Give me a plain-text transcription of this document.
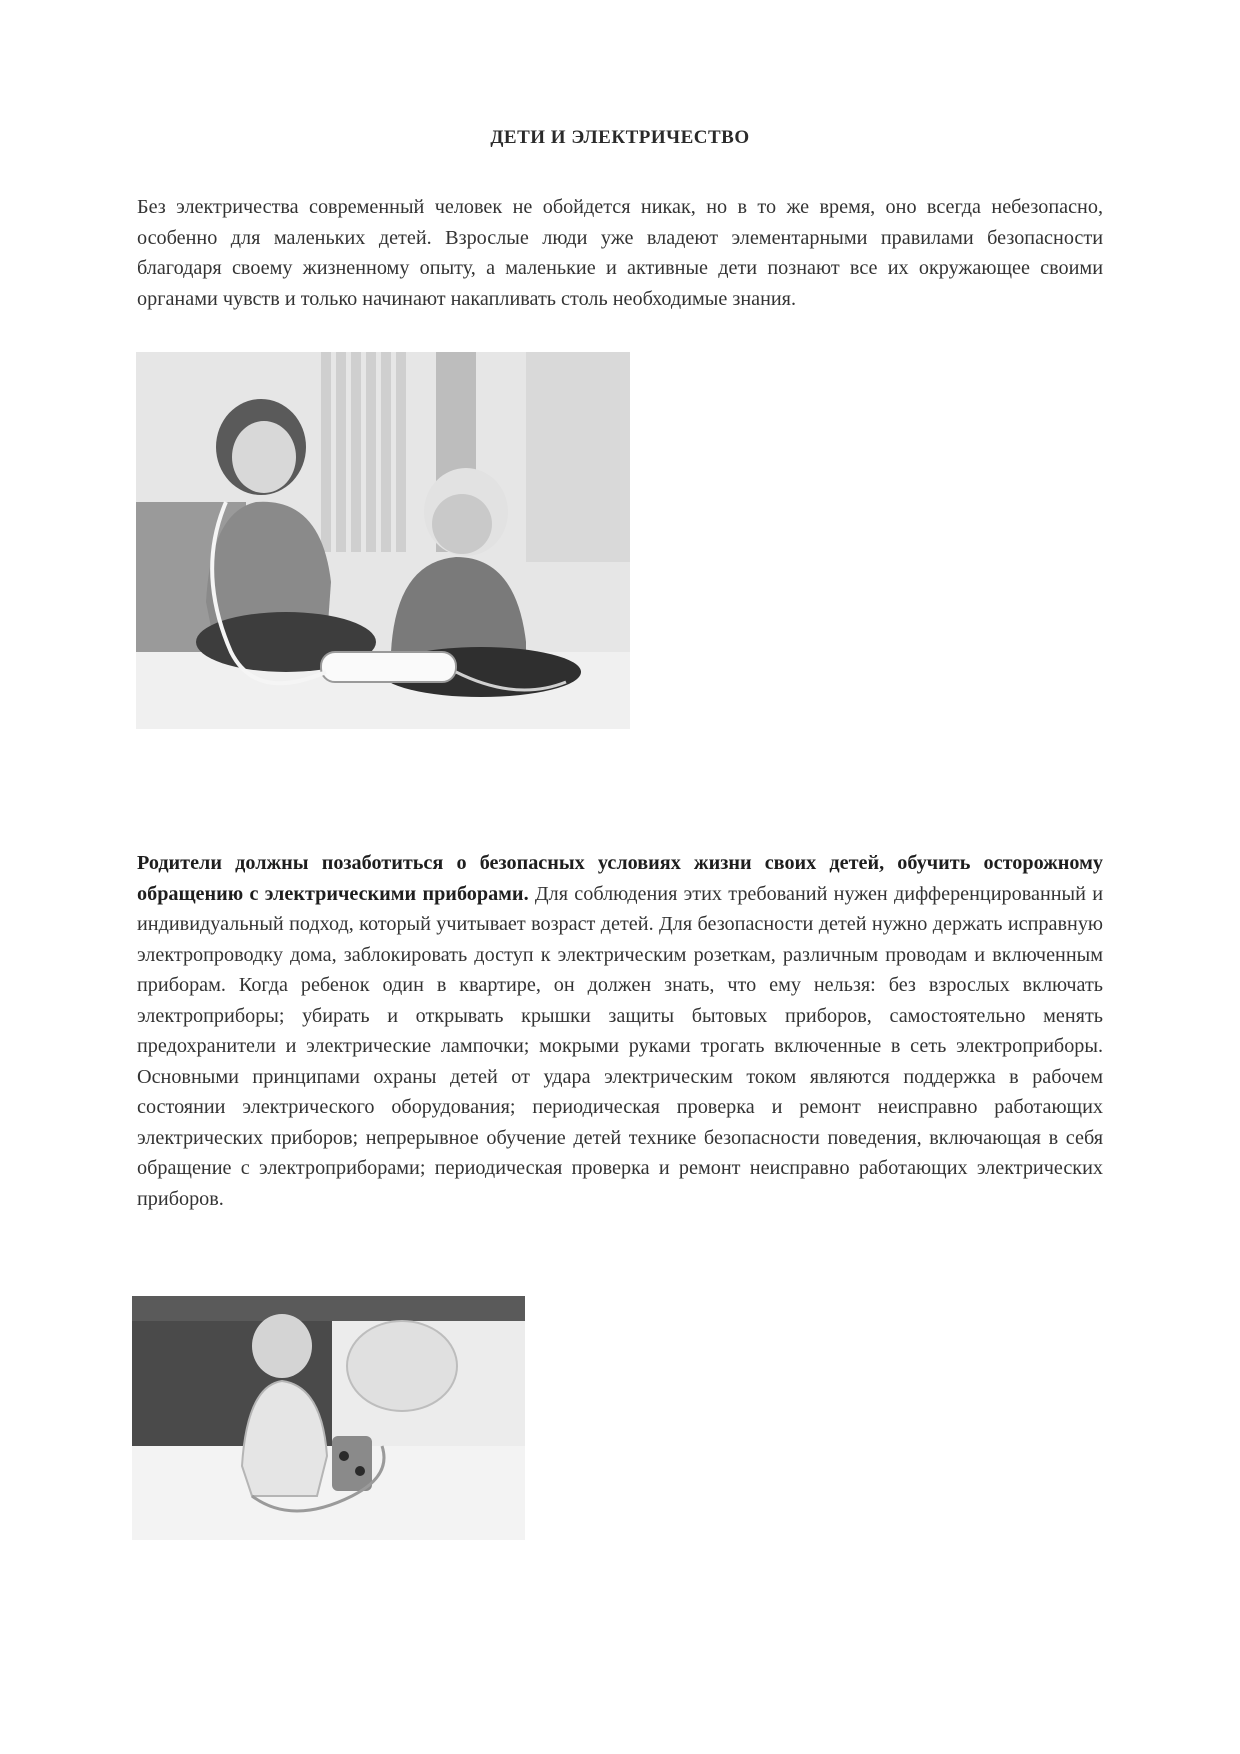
ДЕТИ И ЭЛЕКТРИЧЕСТВО

Без электричества современный человек не обойдется никак, но в то же время, оно всегда небезопасно, особенно для маленьких детей. Взрослые люди уже владеют элементарными правилами безопасности благодаря своему жизненному опыту, а маленькие и активные дети познают все их окружающее своими органами чувств и только начинают накапливать столь необходимые знания.

Родители должны позаботиться о безопасных условиях жизни своих детей, обучить осторожному обращению с электрическими приборами. Для соблюдения этих требований нужен дифференцированный и индивидуальный подход, который учитывает возраст детей. Для безопасности детей нужно держать исправную электропроводку дома, заблокировать доступ к электрическим розеткам, различным проводам и включенным приборам. Когда ребенок один в квартире, он должен знать, что ему нельзя: без взрослых включать электроприборы; убирать и открывать крышки защиты бытовых приборов, самостоятельно менять предохранители и электрические лампочки; мокрыми руками трогать включенные в сеть электроприборы. Основными принципами охраны детей от удара электрическим током являются поддержка в рабочем состоянии электрического оборудования; периодическая проверка и ремонт неисправно работающих электрических приборов; непрерывное обучение детей технике безопасности поведения, включающая в себя обращение с электроприборами; периодическая проверка и ремонт неисправно работающих электрических приборов.
